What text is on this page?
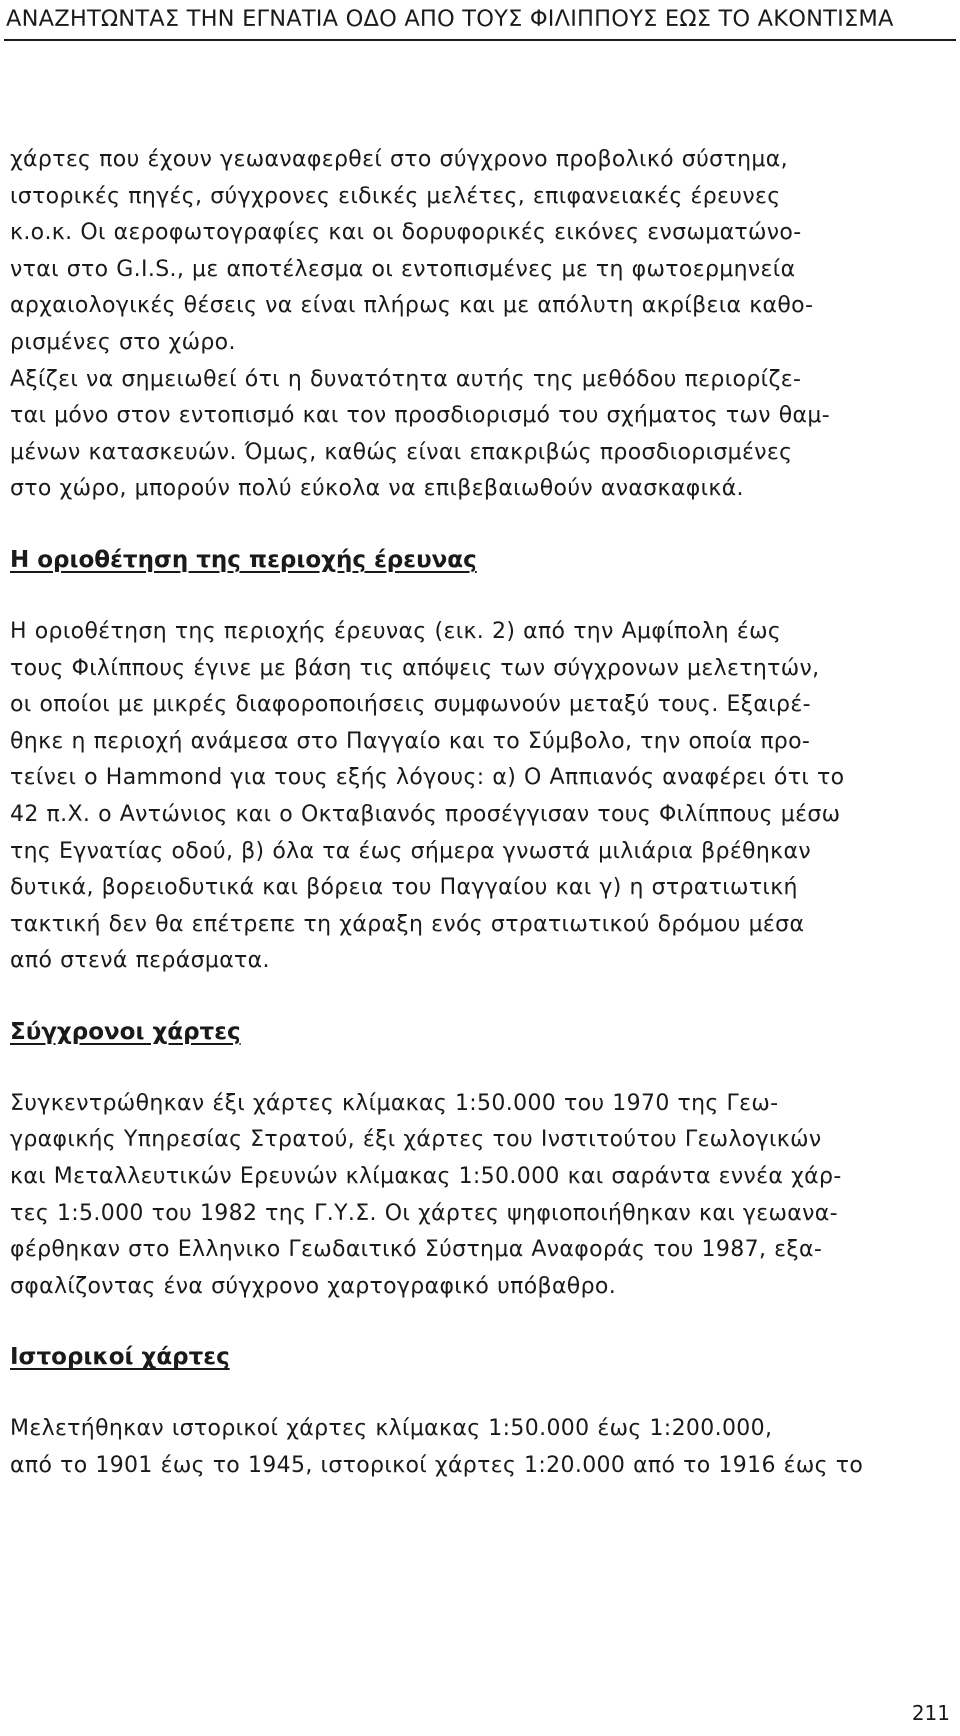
ΑΝΑΖΗΤΩΝΤΑΣ ΤΗΝ ΕΓΝΑΤΙΑ ΟΔΟ ΑΠΟ ΤΟΥΣ ΦΙΛΙΠΠΟΥΣ ΕΩΣ ΤΟ ΑΚΟΝΤΙΣΜΑ

χάρτες που έχουν γεωαναφερθεί στο σύγχρονο προβολικό σύστημα,
ιστορικές πηγές, σύγχρονες ειδικές μελέτες, επιφανειακές έρευνες
κ.ο.κ. Οι αεροφωτογραφίες και οι δορυφορικές εικόνες ενσωματώνο-
νται στο G.I.S., με αποτέλεσμα οι εντοπισμένες με τη φωτοερμηνεία
αρχαιολογικές θέσεις να είναι πλήρως και με απόλυτη ακρίβεια καθο-
ρισμένες στο χώρο.

Αξίζει να σημειωθεί ότι η δυνατότητα αυτής της μεθόδου περιορίζε-
ται μόνο στον εντοπισμό και τον προσδιορισμό του σχήματος των θαμ-
μένων κατασκευών. Όμως, καθώς είναι επακριβώς προσδιορισμένες
στο χώρο, μπορούν πολύ εύκολα να επιβεβαιωθούν ανασκαφικά.

Η οριοθέτηση της περιοχής έρευνας

Η οριοθέτηση της περιοχής έρευνας (εικ. 2) από την Αμφίπολη έως
τους Φιλίππους έγινε με βάση τις απόψεις των σύγχρονων μελετητών,
οι οποίοι με μικρές διαφοροποιήσεις συμφωνούν μεταξύ τους. Εξαιρέ-
θηκε η περιοχή ανάμεσα στο Παγγαίο και το Σύμβολο, την οποία προ-
τείνει ο Hammond για τους εξής λόγους: α) Ο Αππιανός αναφέρει ότι το
42 π.Χ. ο Αντώνιος και ο Οκταβιανός προσέγγισαν τους Φιλίππους μέσω
της Εγνατίας οδού, β) όλα τα έως σήμερα γνωστά μιλιάρια βρέθηκαν
δυτικά, βορειοδυτικά και βόρεια του Παγγαίου και γ) η στρατιωτική
τακτική δεν θα επέτρεπε τη χάραξη ενός στρατιωτικού δρόμου μέσα
από στενά περάσματα.

Σύγχρονοι χάρτες

Συγκεντρώθηκαν έξι χάρτες κλίμακας 1:50.000 του 1970 της Γεω-
γραφικής Υπηρεσίας Στρατού, έξι χάρτες του Ινστιτούτου Γεωλογικών
και Μεταλλευτικών Ερευνών κλίμακας 1:50.000 και σαράντα εννέα χάρ-
τες 1:5.000 του 1982 της Γ.Υ.Σ. Οι χάρτες ψηφιοποιήθηκαν και γεωανα-
φέρθηκαν στο Ελληνικο Γεωδαιτικό Σύστημα Αναφοράς του 1987, εξα-
σφαλίζοντας ένα σύγχρονο χαρτογραφικό υπόβαθρο.

Ιστορικοί χάρτες

Μελετήθηκαν ιστορικοί χάρτες κλίμακας 1:50.000 έως 1:200.000,
από το 1901 έως το 1945, ιστορικοί χάρτες 1:20.000 από το 1916 έως το

211
